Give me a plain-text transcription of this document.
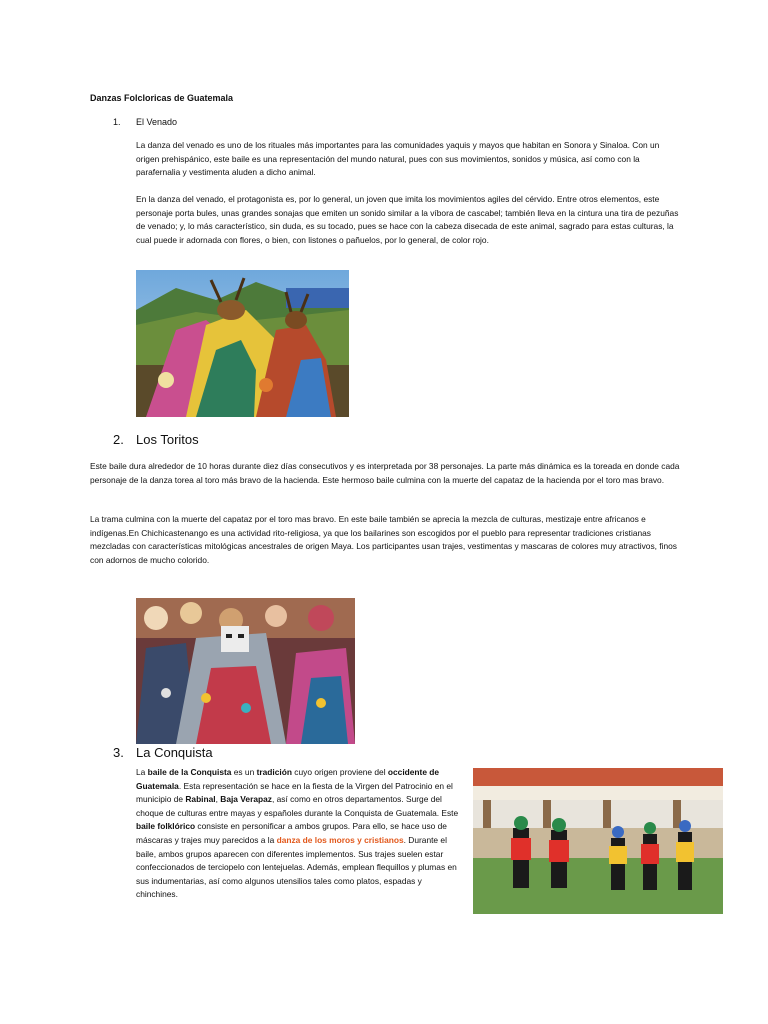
Danzas Folcloricas de Guatemala
1. El Venado

La danza del venado es uno de los rituales más importantes para las comunidades yaquis y mayos que habitan en Sonora y Sinaloa. Con un origen prehispánico, este baile es una representación del mundo natural, pues con sus movimientos, sonidos y música, así como con la parafernalia y vestimenta aluden a dicho animal.

En la danza del venado, el protagonista es, por lo general, un joven que imita los movimientos agiles del cérvido. Entre otros elementos, este personaje porta bules, unas grandes sonajas que emiten un sonido similar a la víbora de cascabel; también lleva en la cintura una tira de pezuñas de venado; y, lo más característico, sin duda, es su tocado, pues se hace con la cabeza disecada de este animal, sagrado para estas culturas, la cual puede ir adornada con flores, o bien, con listones o pañuelos, por lo general, de color rojo.

2. Los Toritos

Este baile dura alrededor de 10 horas durante diez días consecutivos y es interpretada por 38 personajes. La parte más dinámica es la toreada en donde cada personaje de la danza torea al toro más bravo de la hacienda. Este hermoso baile culmina con la muerte del capataz de la hacienda por el toro mas bravo.

La trama culmina con la muerte del capataz por el toro mas bravo. En este baile también se aprecia la mezcla de culturas, mestizaje entre africanos e indígenas.En Chichicastenango es una actividad rito-religiosa, ya que los bailarines son escogidos por el pueblo para representar tradiciones cristianas mezcladas con características mitológicas ancestrales de origen Maya. Los participantes usan trajes, vestimentas y mascaras de colores muy atractivos, finos con adornos de mucho colorido.

3. La Conquista

La baile de la Conquista es un tradición cuyo origen proviene del occidente de Guatemala. Esta representación se hace en la fiesta de la Virgen del Patrocinio en el municipio de Rabinal, Baja Verapaz, así como en otros departamentos. Surge del choque de culturas entre mayas y españoles durante la Conquista de Guatemala. Este baile folklórico consiste en personificar a ambos grupos. Para ello, se hace uso de máscaras y trajes muy parecidos a la danza de los moros y cristianos. Durante el baile, ambos grupos aparecen con diferentes implementos. Sus trajes suelen estar confeccionados de terciopelo con lentejuelas. Además, emplean flequillos y plumas en sus indumentarias, así como algunos utensilios tales como platos, espadas y chinchines.
